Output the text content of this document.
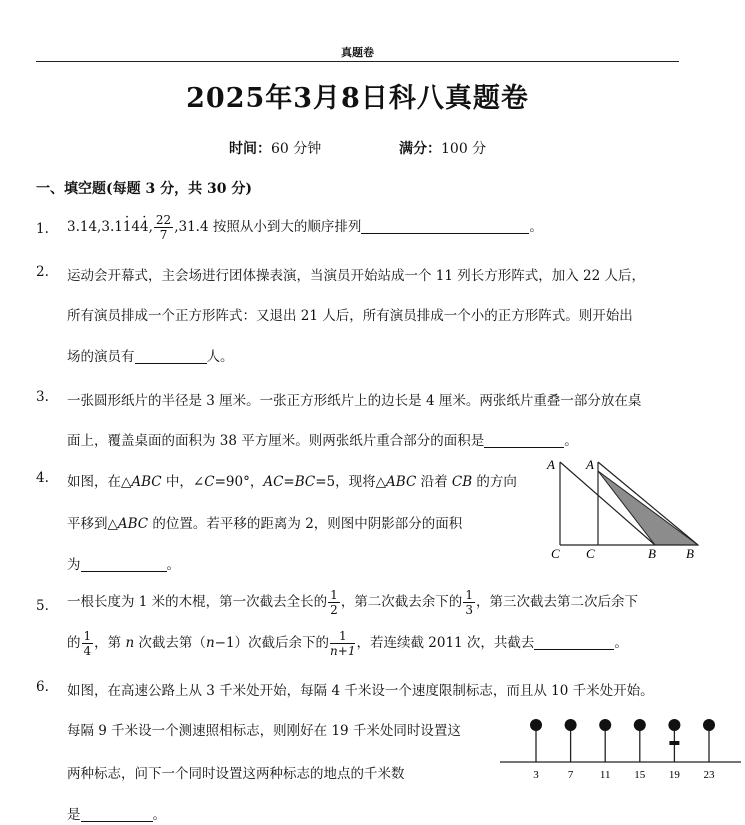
真题卷
2025年3月8日科八真题卷
时间：60 分钟	满分：100 分
一、填空题(每题 3 分，共 30 分)
1. 3.14,3.11 ·44 ·, $\frac{22}{7} ,31.4$ 按照从小到大的顺序排列	。
2. 运动会开幕式，主会场进行团体操表演，当演员开始站成一个 11 列长方形阵式，加入 22 人后，
所有演员排成一个正方形阵式：又退出 21 人后，所有演员排成一个小的正方形阵式。则开始出
场的演员有	人。
3. 一张圆形纸片的半径是 3 厘米。一张正方形纸片上的边长是 4 厘米。两张纸片重叠一部分放在桌
面上，覆盖桌面的面积为 38 平方厘米。则两张纸片重合部分的面积是	。
4. 如图，在△ABC 中，∠C=90°，AC=BC=5，现将△ABC 沿着 CB 的方向
平移到△ABC 的位置。若平移的距离为 2，则图中阴影部分的面积
为	。
A A
C C	B B
5. 一根长度为 1 米的木棍，第一次截去全长的 $\frac{1}{2}$ ，第二次截去余下的 $\frac{1}{3}$ ，第三次截去第二次后余下
的 $\frac{1}{4}$ ，第 n 次截去第（n−1）次截后余下的 $\frac{1}{n+1}$ ，若连续截 2011 次，共截去	。
6. 如图，在高速公路上从 3 千米处开始，每隔 4 千米设一个速度限制标志，而且从 10 千米处开始。
每隔 9 千米设一个测速照相标志，则刚好在 19 千米处同时设置这
两种标志，问下一个同时设置这两种标志的地点的千米数
是	。
3	7 11 15 19 23
